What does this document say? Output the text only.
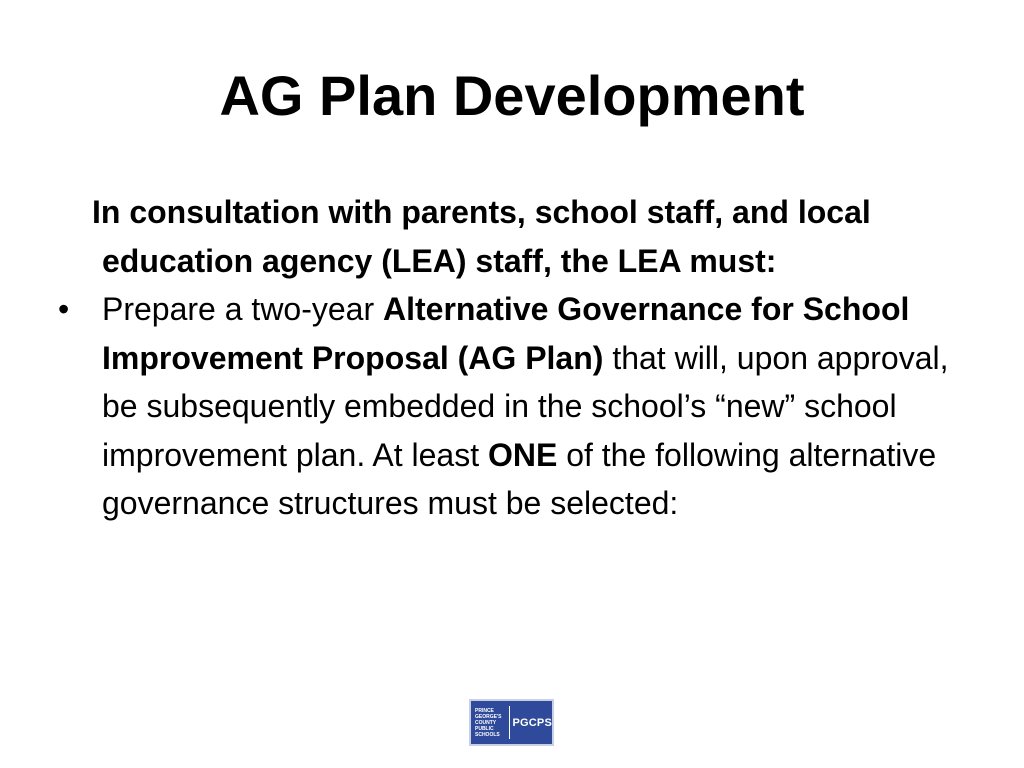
AG Plan Development

In consultation with parents, school staff, and local education agency (LEA) staff, the LEA must:

•	Prepare a two-year Alternative Governance for School Improvement Proposal (AG Plan) that will, upon approval, be subsequently embedded in the school’s “new” school improvement plan. At least ONE of the following alternative governance structures must be selected:

PRINCE
GEORGE'S
COUNTY
PUBLIC
SCHOOLS
PGCPS
